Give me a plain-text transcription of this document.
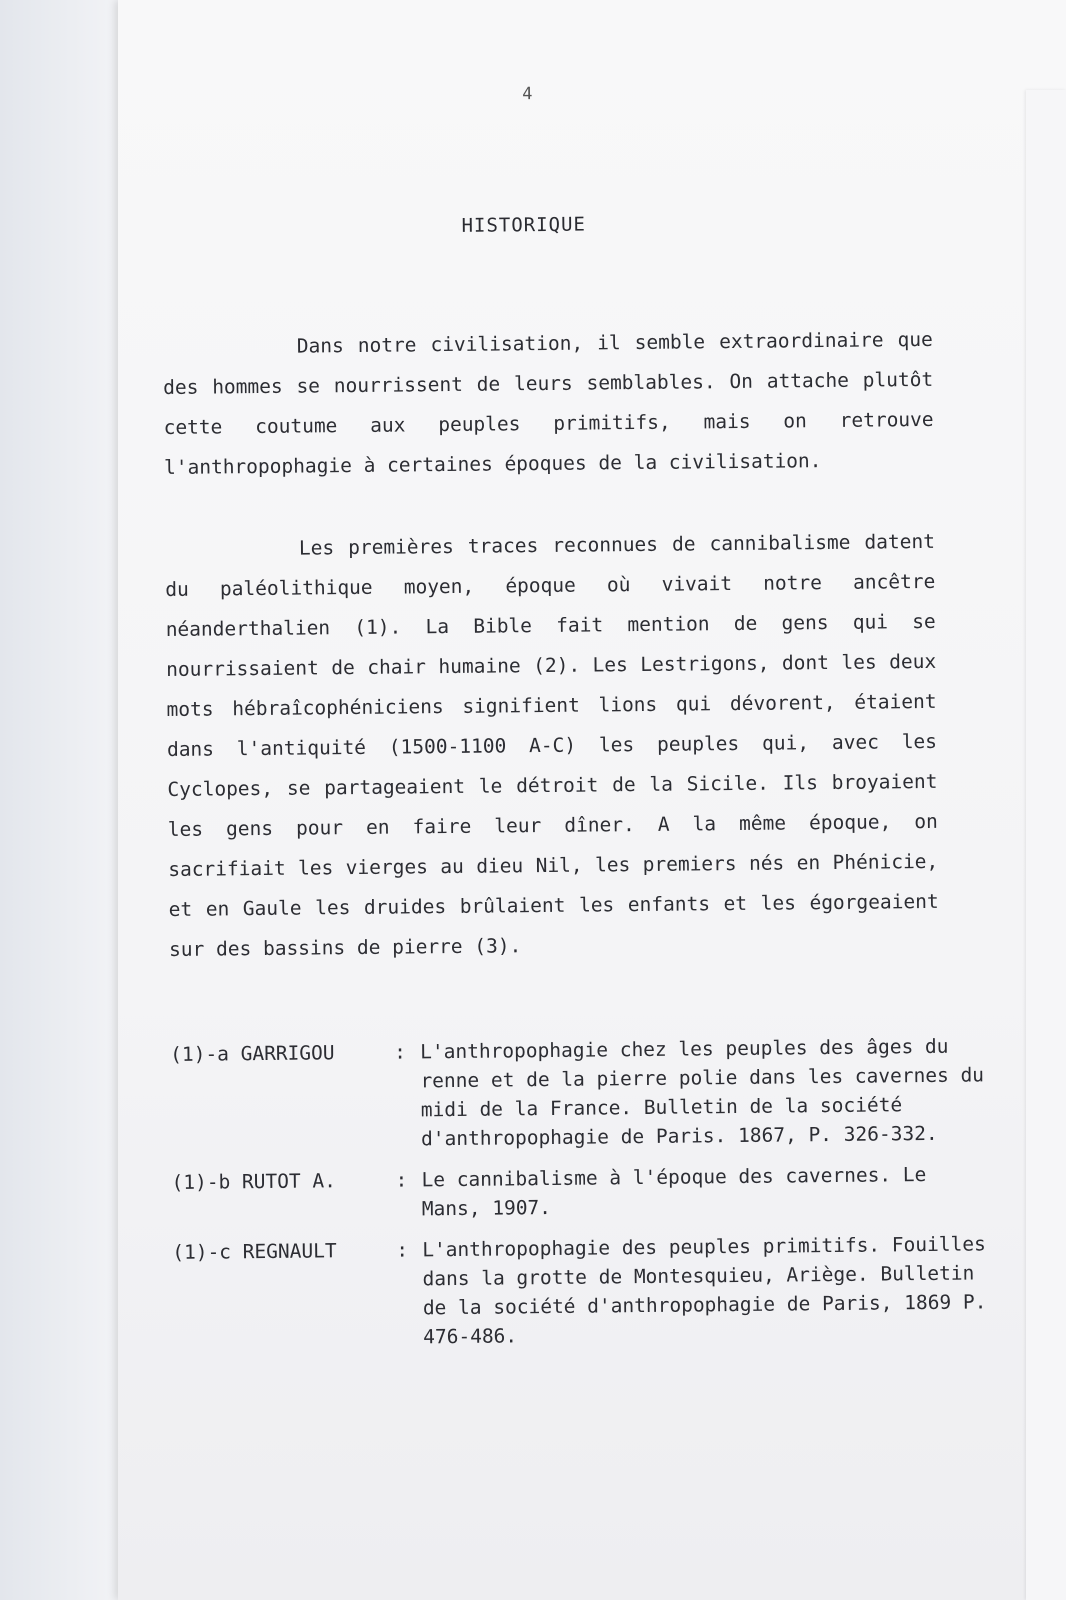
4
HISTORIQUE

Dans notre civilisation, il semble extraordinaire que des hommes se nourrissent de leurs semblables. On attache plutôt cette coutume aux peuples primitifs, mais on retrouve l'anthropophagie à certaines époques de la civilisation.

Les premières traces reconnues de cannibalisme datent du paléolithique moyen, époque où vivait notre ancêtre néanderthalien (1). La Bible fait mention de gens qui se nourrissaient de chair humaine (2). Les Lestrigons, dont les deux mots hébraîcophéniciens signifient lions qui dévorent, étaient dans l'antiquité (1500-1100 A-C) les peuples qui, avec les Cyclopes, se partageaient le détroit de la Sicile. Ils broyaient les gens pour en faire leur dîner. A la même époque, on sacrifiait les vierges au dieu Nil, les premiers nés en Phénicie, et en Gaule les druides brûlaient les enfants et les égorgeaient sur des bassins de pierre (3).

(1)-a GARRIGOU	: L'anthropophagie chez les peuples des âges du renne et de la pierre polie dans les cavernes du midi de la France. Bulletin de la société d'anthropophagie de Paris. 1867, P. 326-332.
(1)-b RUTOT A.	: Le cannibalisme à l'époque des cavernes. Le Mans, 1907.
(1)-c REGNAULT	: L'anthropophagie des peuples primitifs. Fouilles dans la grotte de Montesquieu, Ariège. Bulletin de la société d'anthropophagie de Paris, 1869 P. 476-486.
